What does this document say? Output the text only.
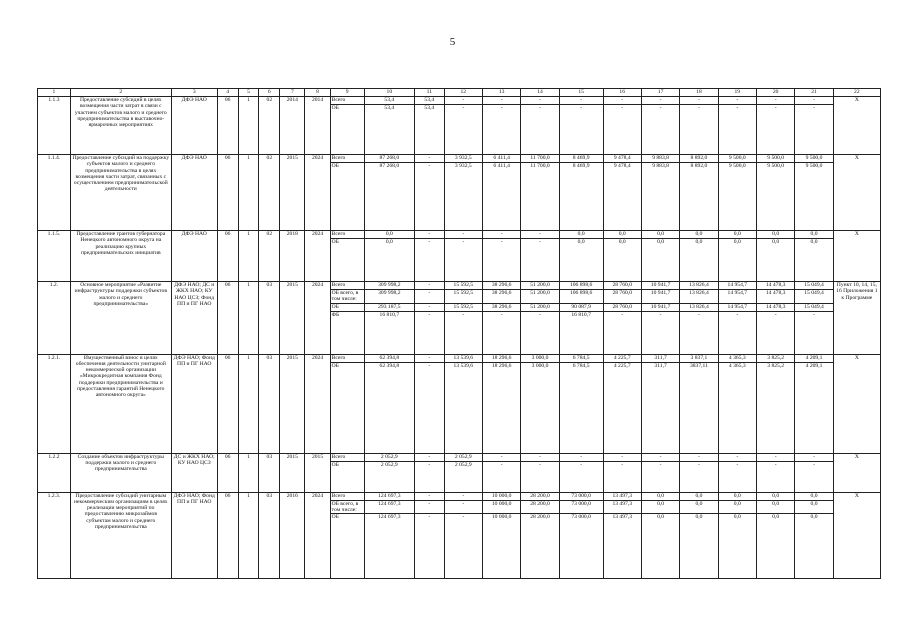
5
1	2	3	4	5	6	7	8	9	10	11	12	13	14	15	16	17	18	19	20	21	22
1.1.3	Предоставление субсидий в целях возмещения части затрат в связи с участием субъектов малого и среднего предпринимательства в выставочно-ярмарочных мероприятиях	ДФЭ НАО	06	1	02	2014	2014	Всего	53,4	53,4	-	-	-	-	-	-	-	-	-	-	Х
								ОБ	53,4	53,4	-	-	-	-	-	-	-	-	-	-	
1.1.4.	Предоставление субсидий на поддержку субъектов малого и среднего предпринимательства в целях возмещения части затрат, связанных с осуществлением предпринимательской деятельности	ДФЭ НАО	06	1	02	2015	2024	Всего	87 268,0	-	3 932,5	6 411,4	11 700,0	8 469,9	9 478,4	9 883,8	8 892,0	9 500,0	9 500,0	9 500,0	Х
								ОБ	87 268,0	-	3 932,5	6 411,4	11 700,0	8 469,9	9 478,4	9 883,8	8 892,0	9 500,0	9 500,0	9 500,0	
1.1.5.	Предоставление грантов губернатора Ненецкого автономного округа на реализацию крупных предпринимательских инициатив	ДФЭ НАО	06	1	02	2018	2024	Всего	0,0	-	-	-	-	0,0	0,0	0,0	0,0	0,0	0,0	0,0	Х
								ОБ	0,0	-	-	-	-	0,0	0,0	0,0	0,0	0,0	0,0	0,0	
1.2.	Основное мероприятие «Развитие инфраструктуры поддержки субъектов малого и среднего предпринимательства»	ДФЭ НАО; ДС и ЖКХ НАО; КУ НАО ЦСЗ; Фонд ПП и ПГ НАО	06	1	03	2015	2024	Всего	309 998,2	-	15 592,5	38 296,6	51 200,0	106 898,6	28 760,0	10 941,7	13 826,4	14 954,7	14 478,3	15 049,4	Пункт 10, 14, 15, 16 Приложения 1 к Программе
								ОБ всего, в том числе:	309 998,2	-	15 592,5	38 296,6	51 200,0	106 898,6	28 760,0	10 941,7	13 826,4	14 954,7	14 478,3	15 049,4	
								ОБ	293 187,5	-	15 592,5	38 296,6	51 200,0	90 087,9	28 760,0	10 941,7	13 826,4	14 954,7	14 478,3	15 049,4	
								ФБ	16 810,7	-	-	-	-	16 810,7	-	-	-	-	-	-	
1.2.1.	Имущественный взнос в целях обеспечения деятельности унитарной некоммерческой организации «Микрокредитная компания Фонд поддержки предпринимательства и предоставления гарантий Ненецкого автономного округа»	ДФЭ НАО; Фонд ПП и ПГ НАО	06	1	03	2015	2024	Всего	62 394,8	-	13 539,6	18 296,6	3 000,0	6 784,5	4 225,7	311,7	3 837,1	4 365,3	3 825,2	4 209,1	Х
								ОБ	62 394,8	-	13 539,6	18 296,6	3 000,0	6 784,5	4 225,7	311,7	3837,11	4 365,3	3 825,2	4 209,1	
1.2.2	Создание объектов инфраструктуры поддержки малого и среднего предпринимательства	ДС и ЖКХ НАО; КУ НАО ЦСЗ	06	1	03	2015	2015	Всего	2 052,9	-	2 052,9	-	-	-	-	-	-	-	-	-	Х
								ОБ	2 052,9	-	2 052,9	-	-	-	-	-	-	-	-	-	
1.2.3.	Предоставление субсидий унитарным некоммерческим организациям в целях реализации мероприятий по предоставлению микрозаймов субъектам малого и среднего предпринимательства	ДФЭ НАО; Фонд ПП и ПГ НАО	06	1	03	2016	2024	Всего	124 697,3	-	-	10 000,0	28 200,0	73 000,0	13 497,3	0,0	0,0	0,0	0,0	0,0	Х
								ОБ всего, в том числе:	124 697,3	-	-	10 000,0	28 200,0	73 000,0	13 497,3	0,0	0,0	0,0	0,0	0,0	
								ОБ	124 697,3	-	-	10 000,0	28 200,0	73 000,0	13 497,3	0,0	0,0	0,0	0,0	0,0	
